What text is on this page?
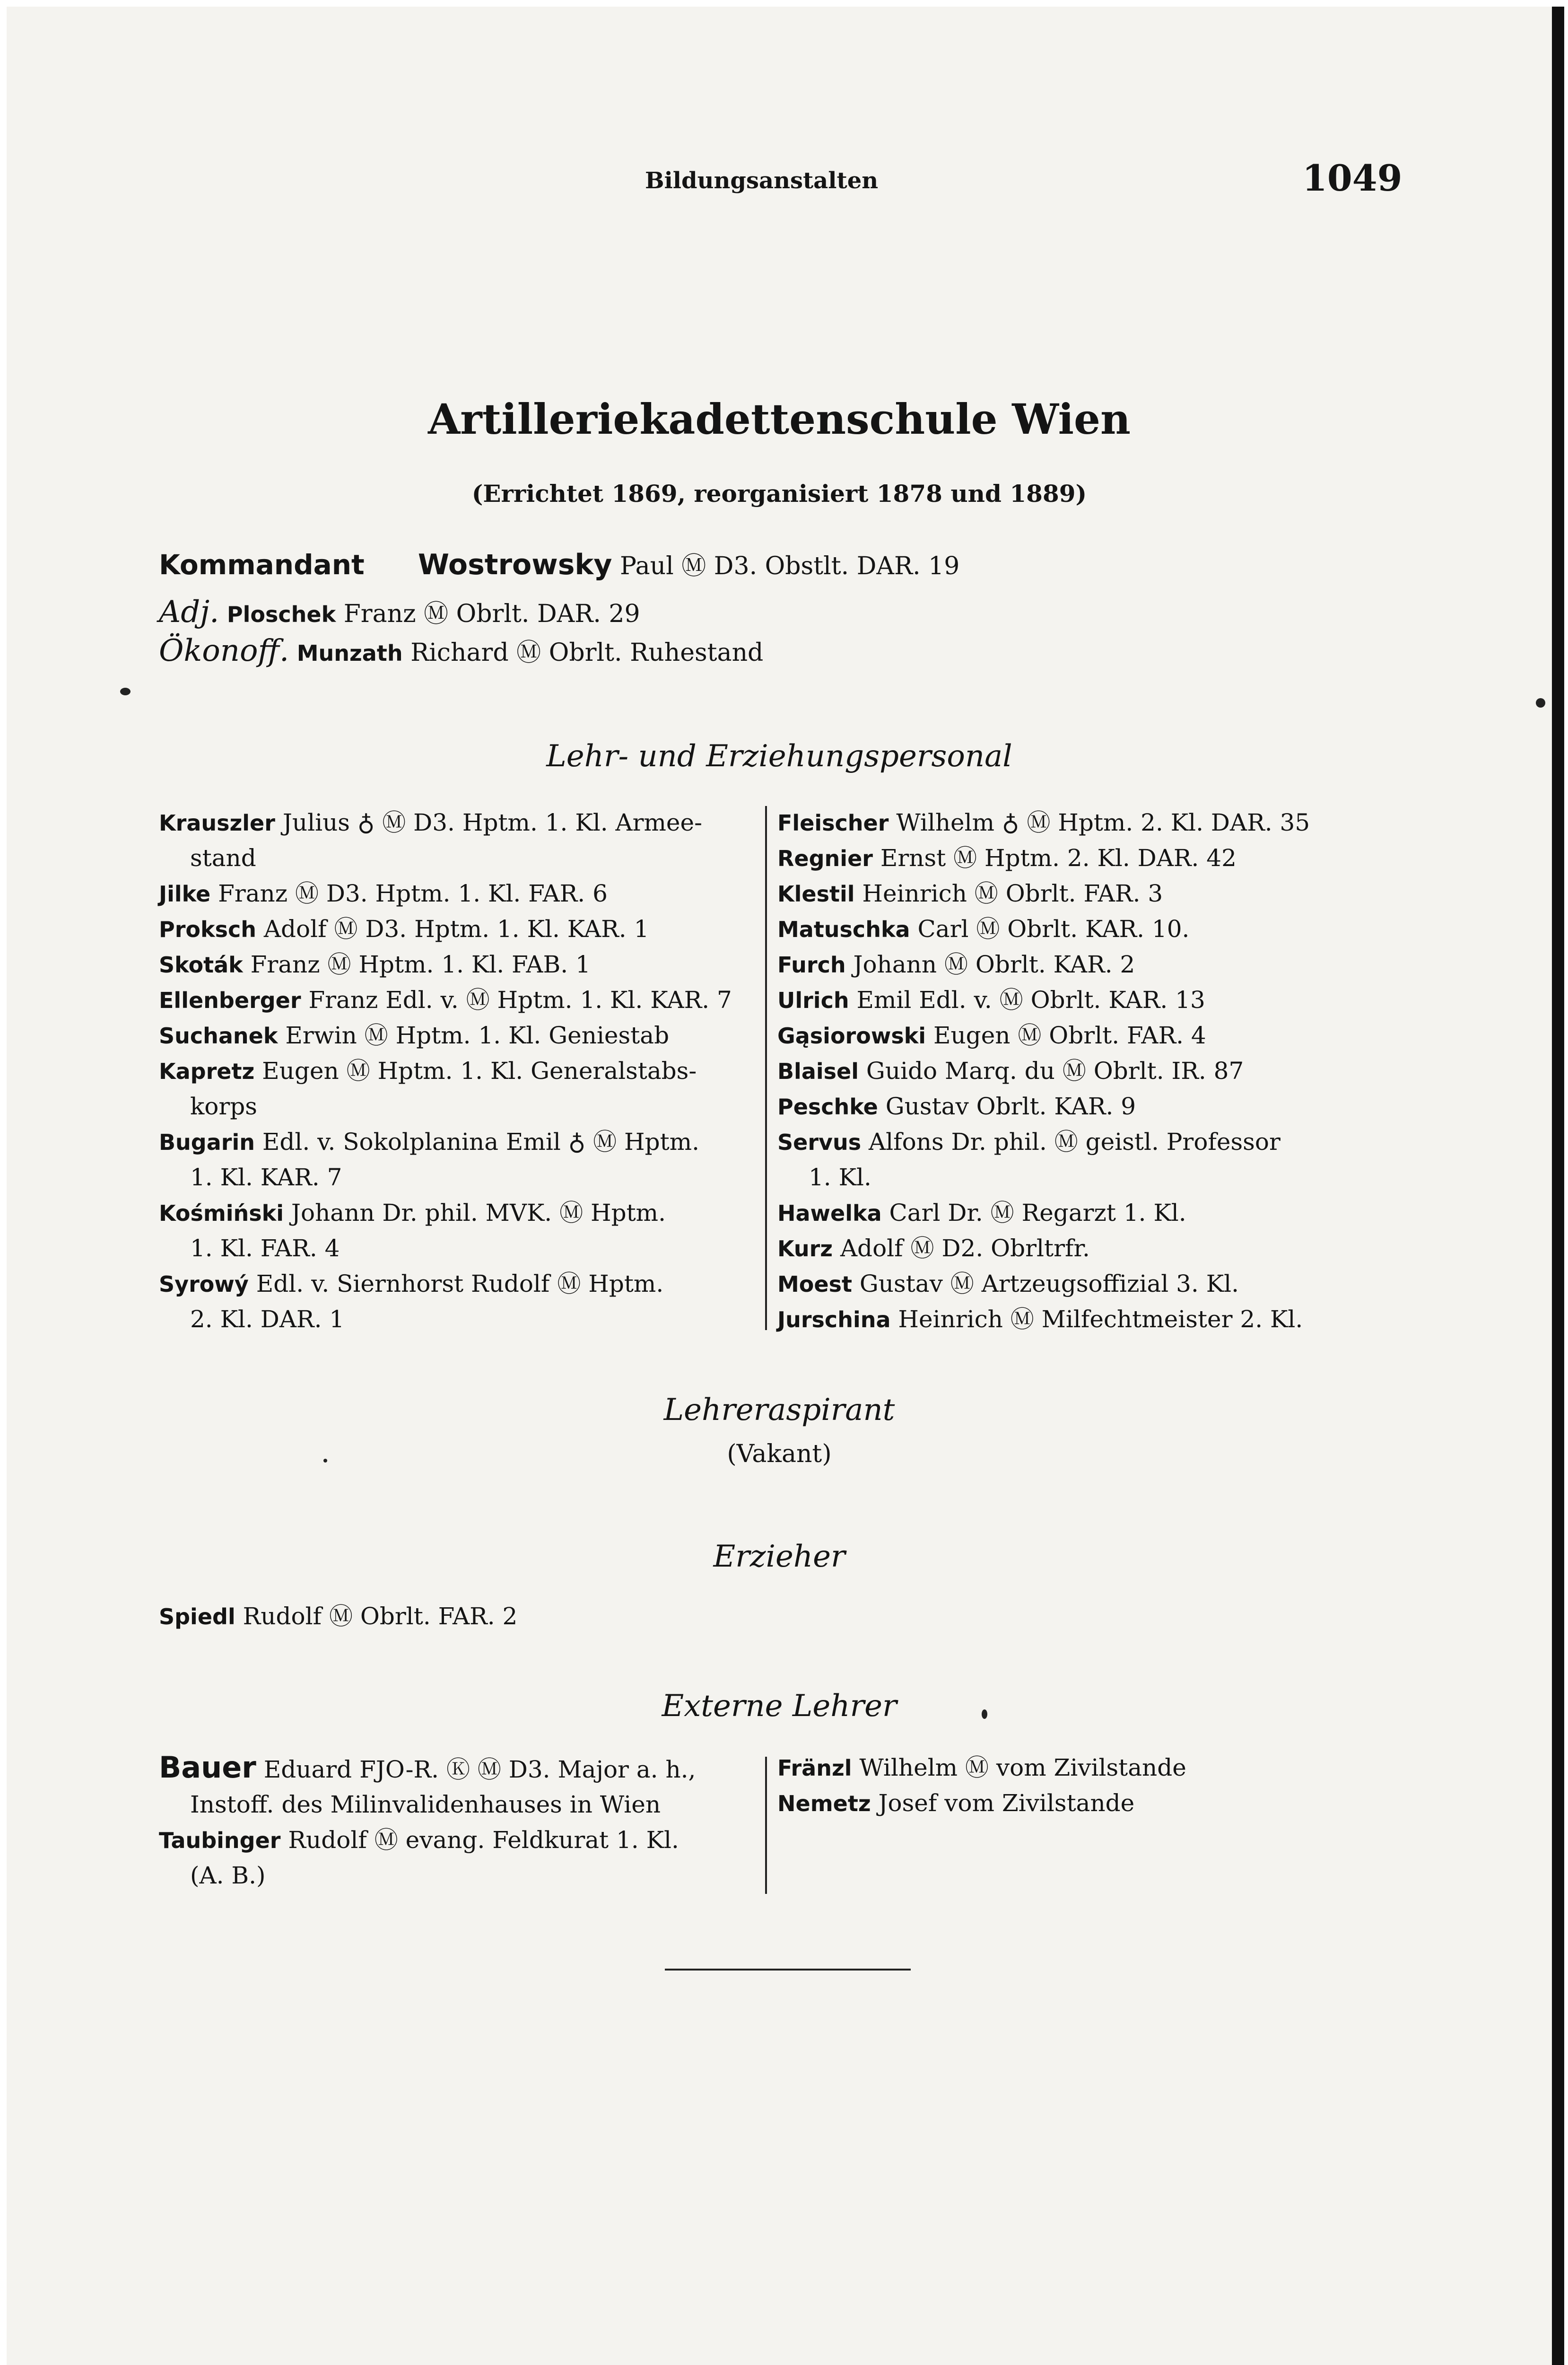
Bildungsanstalten	1049
Artilleriekadettenschule Wien
(Errichtet 1869, reorganisiert 1878 und 1889)
Kommandant Wostrowsky Paul Ⓜ D3. Obstlt. DAR. 19
Adj. Ploschek Franz Ⓜ Obrlt. DAR. 29
Ökonoff. Munzath Richard Ⓜ Obrlt. Ruhestand
Lehr- und Erziehungspersonal
Krauszler Julius ♁ Ⓜ D3. Hptm. 1. Kl. Armee-
stand
Jilke Franz Ⓜ D3. Hptm. 1. Kl. FAR. 6
Proksch Adolf Ⓜ D3. Hptm. 1. Kl. KAR. 1
Skoták Franz Ⓜ Hptm. 1. Kl. FAB. 1
Ellenberger Franz Edl. v. Ⓜ Hptm. 1. Kl. KAR. 7
Suchanek Erwin Ⓜ Hptm. 1. Kl. Geniestab
Kapretz Eugen Ⓜ Hptm. 1. Kl. Generalstabs-
korps
Bugarin Edl. v. Sokolplanina Emil ♁ Ⓜ Hptm.
1. Kl. KAR. 7
Kośmiński Johann Dr. phil. MVK. Ⓜ Hptm.
1. Kl. FAR. 4
Syrowý Edl. v. Siernhorst Rudolf Ⓜ Hptm.
2. Kl. DAR. 1
Fleischer Wilhelm ♁ Ⓜ Hptm. 2. Kl. DAR. 35
Regnier Ernst Ⓜ Hptm. 2. Kl. DAR. 42
Klestil Heinrich Ⓜ Obrlt. FAR. 3
Matuschka Carl Ⓜ Obrlt. KAR. 10.
Furch Johann Ⓜ Obrlt. KAR. 2
Ulrich Emil Edl. v. Ⓜ Obrlt. KAR. 13
Gąsiorowski Eugen Ⓜ Obrlt. FAR. 4
Blaisel Guido Marq. du Ⓜ Obrlt. IR. 87
Peschke Gustav Obrlt. KAR. 9
Servus Alfons Dr. phil. Ⓜ geistl. Professor
1. Kl.
Hawelka Carl Dr. Ⓜ Regarzt 1. Kl.
Kurz Adolf Ⓜ D2. Obrltrfr.
Moest Gustav Ⓜ Artzeugsoffizial 3. Kl.
Jurschina Heinrich Ⓜ Milfechtmeister 2. Kl.
Lehreraspirant
(Vakant)
Erzieher
Spiedl Rudolf Ⓜ Obrlt. FAR. 2
Externe Lehrer
Bauer Eduard FJO-R. Ⓚ Ⓜ D3. Major a. h.,
Instoff. des Milinvalidenhauses in Wien
Taubinger Rudolf Ⓜ evang. Feldkurat 1. Kl.
(A. B.)
Fränzl Wilhelm Ⓜ vom Zivilstande
Nemetz Josef vom Zivilstande
